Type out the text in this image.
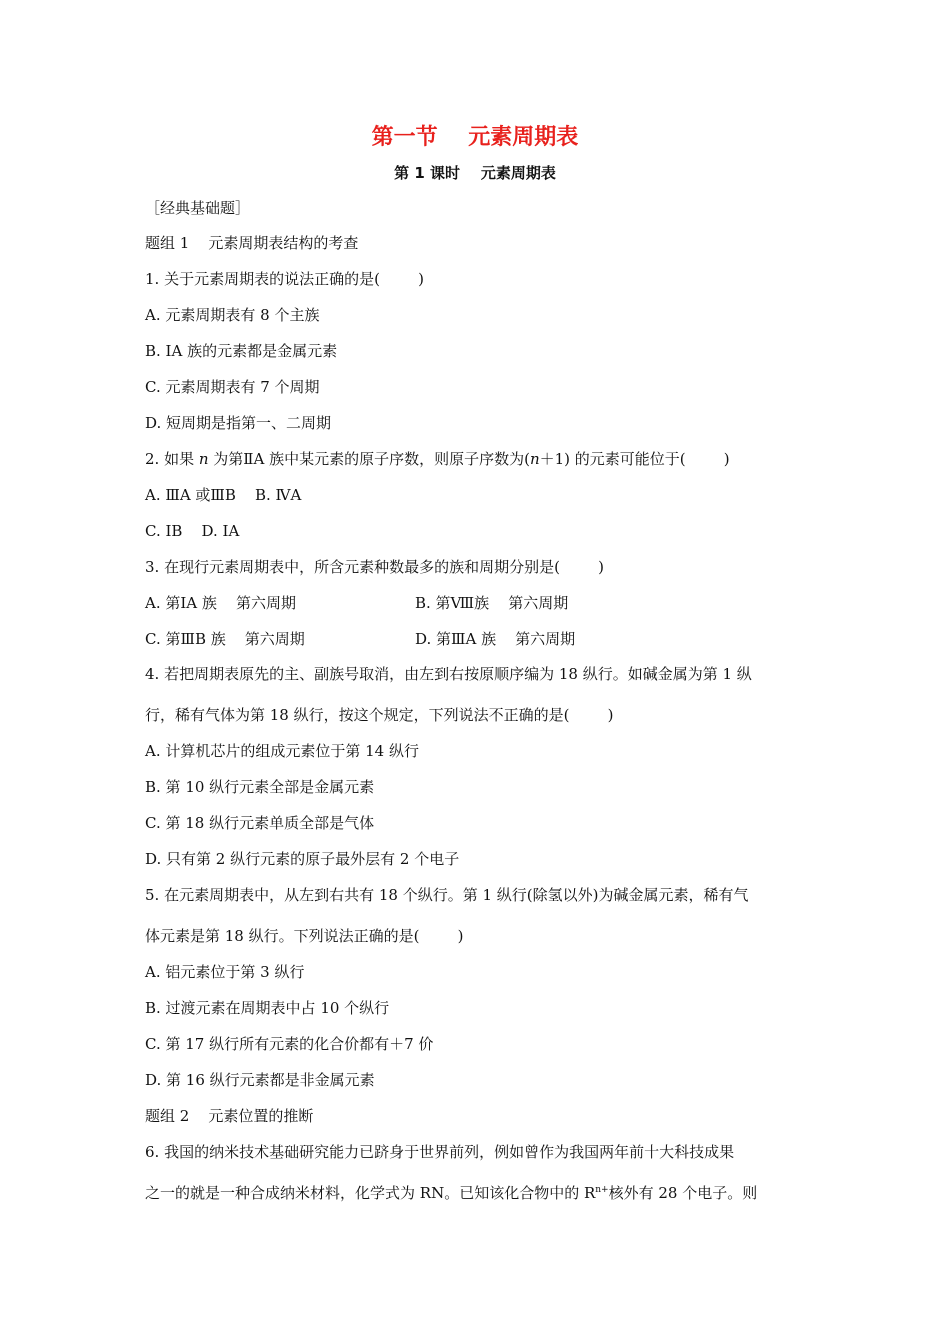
第一节    元素周期表
第 1 课时    元素周期表
［经典基础题］
题组 1    元素周期表结构的考查
1. 关于元素周期表的说法正确的是(        )
A. 元素周期表有 8 个主族
B. ⅠA 族的元素都是金属元素
C. 元素周期表有 7 个周期
D. 短周期是指第一、二周期
2. 如果 n 为第ⅡA 族中某元素的原子序数，则原子序数为(n＋1) 的元素可能位于(        )
A. ⅢA 或ⅢB    B. ⅣA
C. ⅠB    D. ⅠA
3. 在现行元素周期表中，所含元素种数最多的族和周期分别是(        )
A. 第ⅠA 族    第六周期	B. 第Ⅷ族    第六周期
C. 第ⅢB 族    第六周期	D. 第ⅢA 族    第六周期
4. 若把周期表原先的主、副族号取消，由左到右按原顺序编为 18 纵行。如碱金属为第 1 纵
行，稀有气体为第 18 纵行，按这个规定，下列说法不正确的是(        )
A. 计算机芯片的组成元素位于第 14 纵行
B. 第 10 纵行元素全部是金属元素
C. 第 18 纵行元素单质全部是气体
D. 只有第 2 纵行元素的原子最外层有 2 个电子
5. 在元素周期表中，从左到右共有 18 个纵行。第 1 纵行(除氢以外)为碱金属元素，稀有气
体元素是第 18 纵行。下列说法正确的是(        )
A. 铝元素位于第 3 纵行
B. 过渡元素在周期表中占 10 个纵行
C. 第 17 纵行所有元素的化合价都有＋7 价
D. 第 16 纵行元素都是非金属元素
题组 2    元素位置的推断
6. 我国的纳米技术基础研究能力已跻身于世界前列，例如曾作为我国两年前十大科技成果
之一的就是一种合成纳米材料，化学式为 RN。已知该化合物中的 $R^{n+}$核外有 28 个电子。则
